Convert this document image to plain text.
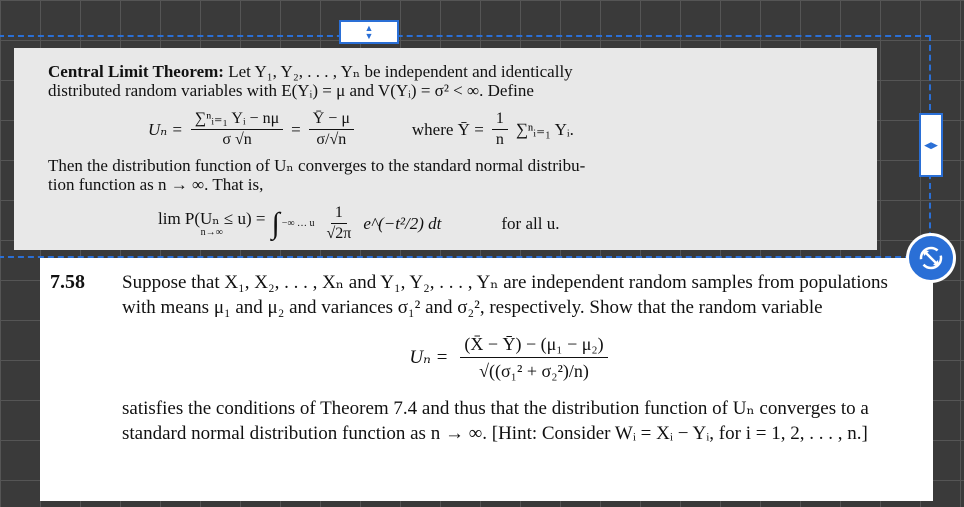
Central Limit Theorem: Let Y₁, Y₂, . . . , Yₙ be independent and identically
distributed random variables with E(Yᵢ) = μ and V(Yᵢ) = σ² < ∞. Define
$U_n = \frac{\text{∑ⁿᵢ₌₁ Yᵢ − nμ}}{\sigma √n} = \frac{Ȳ - \mu}{\sigma/√n}$	where Ȳ = $\frac{1}{n}$ ∑ⁿᵢ₌₁ Yᵢ.
Then the distribution function of Uₙ converges to the standard normal distribu-
tion function as n → ∞. That is,
lim P(Uₙ ≤ u) =
n→∞ ∫ −∞ … u $\frac{1}{√2\pi}$ e^(−t²/2) dt	for all u.
7.58 Suppose that X₁, X₂, . . . , Xₙ and Y₁, Y₂, . . . , Yₙ are independent random samples from populations with means μ₁ and μ₂ and variances σ₁² and σ₂², respectively. Show that the random variable

$U_n = \frac{\text{(X̄ − Ȳ) − (μ₁ − μ₂)}}{\text{√((σ₁² + σ₂²)/n)}}$

satisfies the conditions of Theorem 7.4 and thus that the distribution function of Uₙ converges to a standard normal distribution function as n → ∞. [Hint: Consider Wᵢ = Xᵢ − Yᵢ, for i = 1, 2, . . . , n.]

▲
▼
◀▶
